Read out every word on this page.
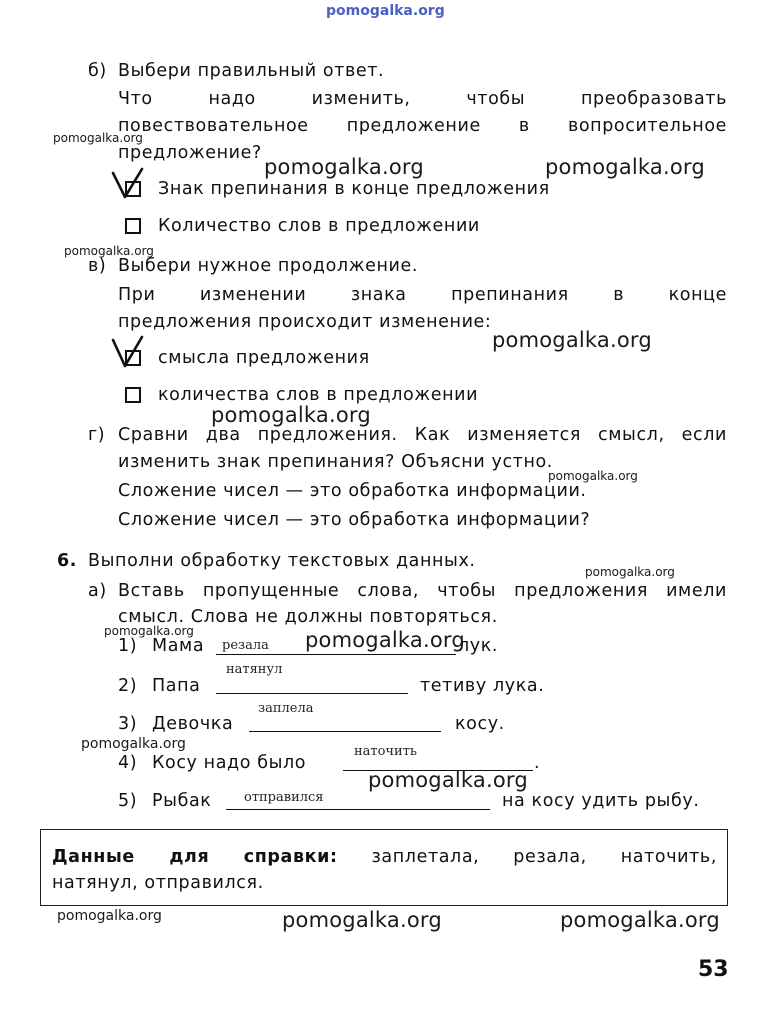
pomogalka.org
б) Выбери правильный ответ.
Что надо изменить, чтобы преобразовать
повествовательное предложение в вопросительное
предложение?
pomogalka.org
pomogalka.org	pomogalka.org
Знак препинания в конце предложения
Количество слов в предложении
pomogalka.org
в) Выбери нужное продолжение.
При изменении знака препинания в конце
предложения происходит изменение:
pomogalka.org
смысла предложения
количества слов в предложении
pomogalka.org
г) Сравни два предложения. Как изменяется смысл, если
изменить знак препинания? Объясни устно.
pomogalka.org
Сложение чисел — это обработка информации.
Сложение чисел — это обработка информации?
6. Выполни обработку текстовых данных.
pomogalka.org
а) Вставь пропущенные слова, чтобы предложения имели
смысл. Слова не должны повторяться.
pomogalka.org
1) Мама резала pomogalka.org
лук.
2) Папа
натянул
тетиву лука.
3) Девочка
заплела
косу.
pomogalka.org
4) Косу надо было
наточить
.
pomogalka.org
5) Рыбак	отправился	на косу удить рыбу.
Данные для справки: заплетала, резала, наточить,
натянул, отправился.
pomogalka.org	pomogalka.org	pomogalka.org
53
